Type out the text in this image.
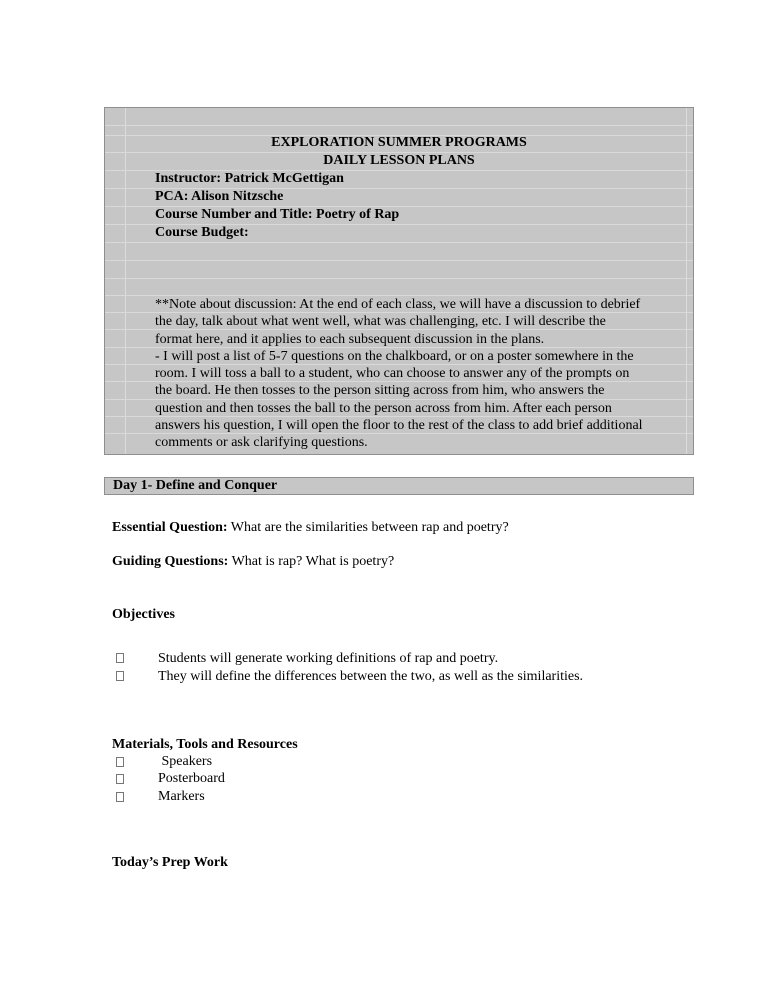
EXPLORATION SUMMER PROGRAMS
DAILY LESSON PLANS
Instructor: Patrick McGettigan
PCA: Alison Nitzsche
Course Number and Title: Poetry of Rap
Course Budget:

**Note about discussion: At the end of each class, we will have a discussion to debrief

the day, talk about what went well, what was challenging, etc. I will describe the

format here, and it applies to each subsequent discussion in the plans.

- I will post a list of 5-7 questions on the chalkboard, or on a poster somewhere in the

room. I will toss a ball to a student, who can choose to answer any of the prompts on

the board. He then tosses to the person sitting across from him, who answers the

question and then tosses the ball to the person across from him. After each person

answers his question, I will open the floor to the rest of the class to add brief additional

comments or ask clarifying questions.

Day 1- Define and Conquer
Essential Question: What are the similarities between rap and poetry?
Guiding Questions: What is rap? What is poetry?
Objectives
Students will generate working definitions of rap and poetry.
They will define the differences between the two, as well as the similarities.
Materials, Tools and Resources
Speakers
Posterboard
Markers
Today’s Prep Work
